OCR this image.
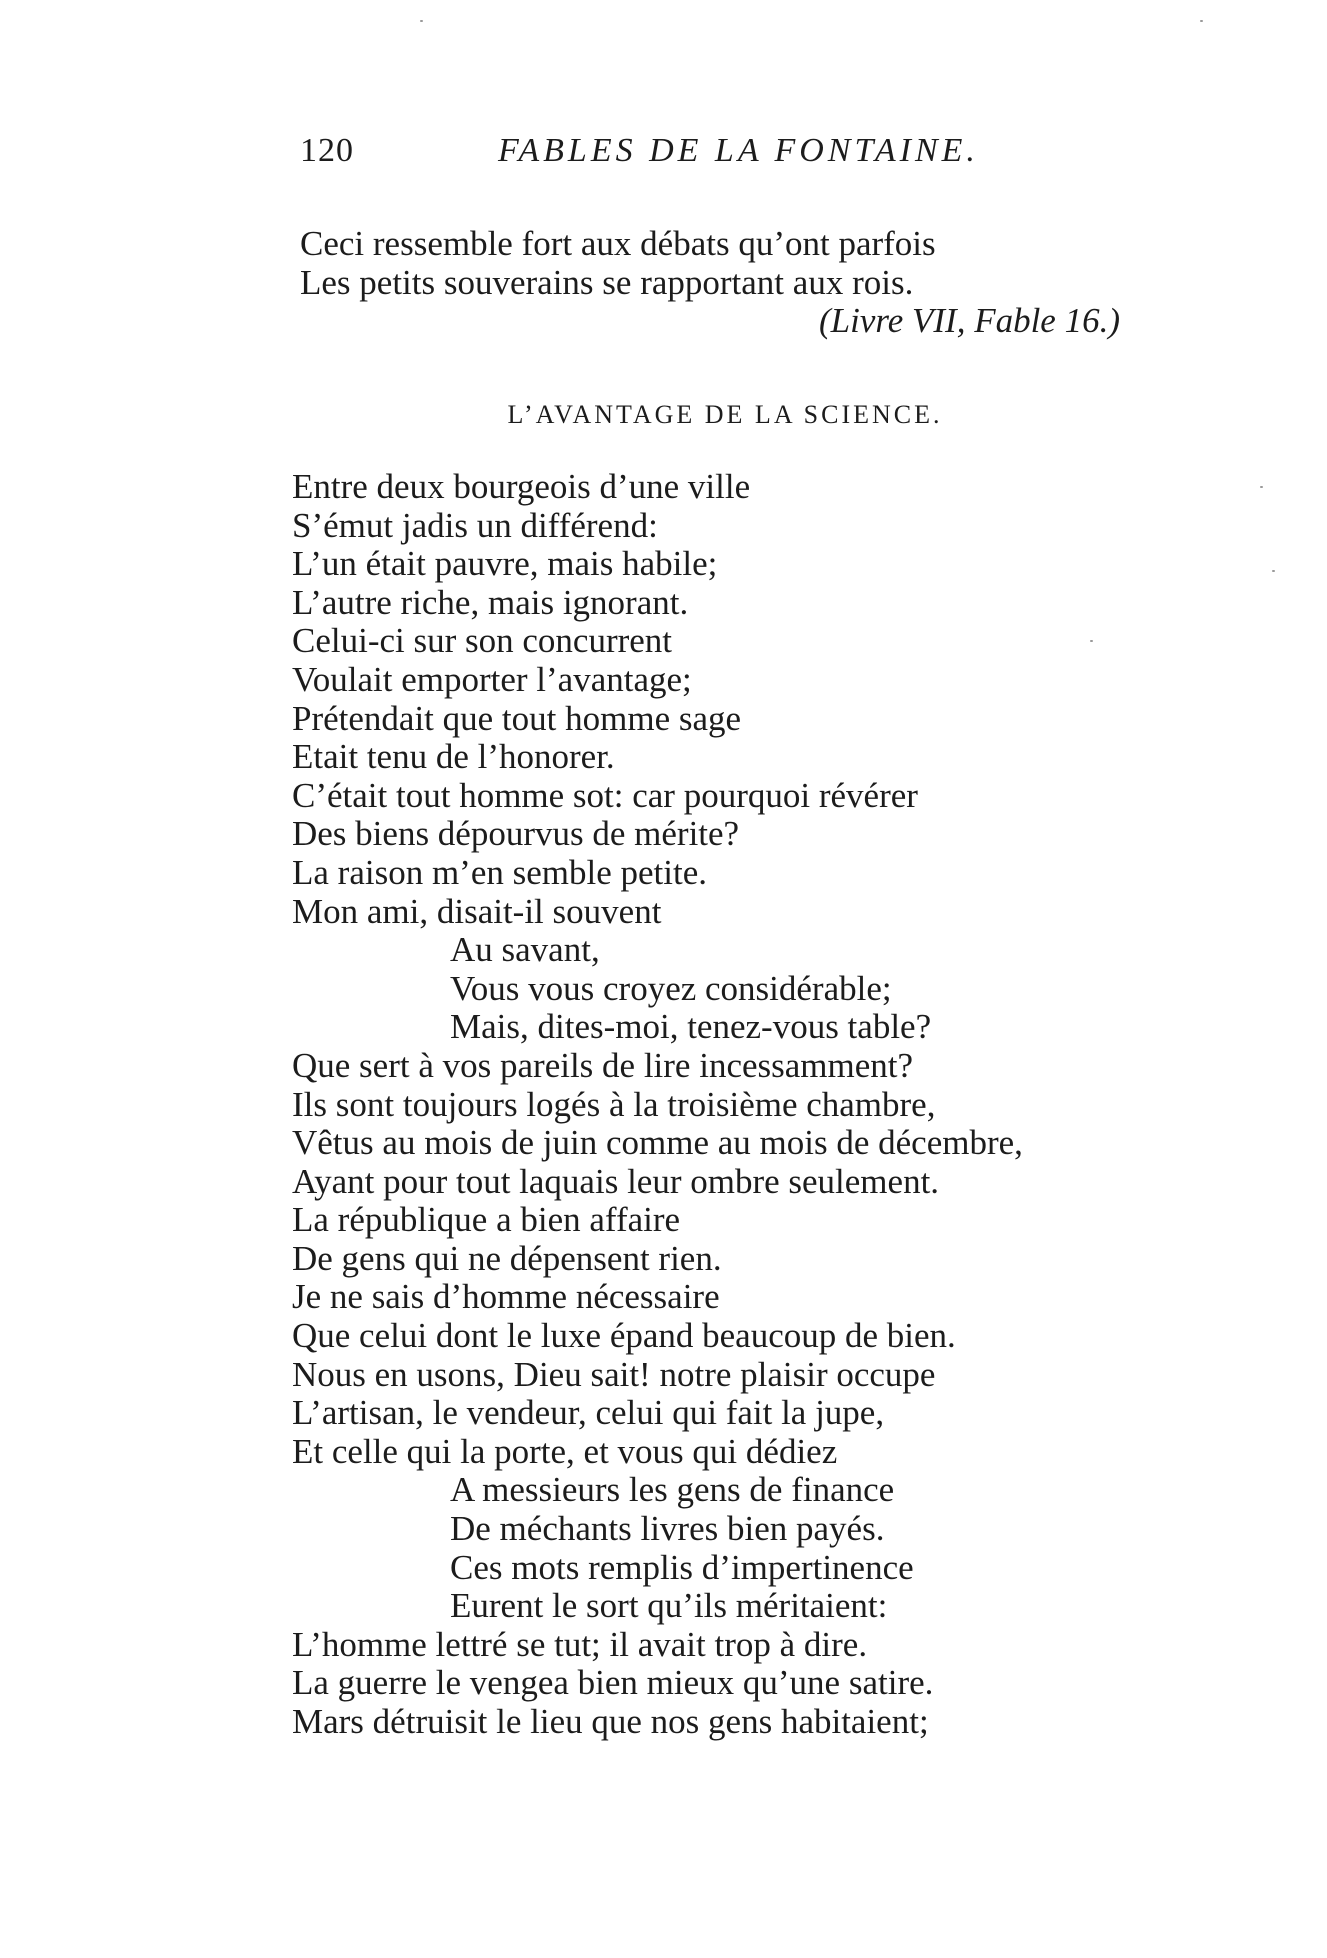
120	FABLES DE LA FONTAINE.
Ceci ressemble fort aux débats qu’ont parfois
Les petits souverains se rapportant aux rois.
(Livre VII, Fable 16.)
L’AVANTAGE DE LA SCIENCE.
Entre deux bourgeois d’une ville
S’émut jadis un différend:
L’un était pauvre, mais habile;
L’autre riche, mais ignorant.
Celui-ci sur son concurrent
Voulait emporter l’avantage;
Prétendait que tout homme sage
Etait tenu de l’honorer.
C’était tout homme sot: car pourquoi révérer
Des biens dépourvus de mérite?
La raison m’en semble petite.
Mon ami, disait-il souvent
Au savant,
Vous vous croyez considérable;
Mais, dites-moi, tenez-vous table?
Que sert à vos pareils de lire incessamment?
Ils sont toujours logés à la troisième chambre,
Vêtus au mois de juin comme au mois de décembre,
Ayant pour tout laquais leur ombre seulement.
La république a bien affaire
De gens qui ne dépensent rien.
Je ne sais d’homme nécessaire
Que celui dont le luxe épand beaucoup de bien.
Nous en usons, Dieu sait! notre plaisir occupe
L’artisan, le vendeur, celui qui fait la jupe,
Et celle qui la porte, et vous qui dédiez
A messieurs les gens de finance
De méchants livres bien payés.
Ces mots remplis d’impertinence
Eurent le sort qu’ils méritaient:
L’homme lettré se tut; il avait trop à dire.
La guerre le vengea bien mieux qu’une satire.
Mars détruisit le lieu que nos gens habitaient;
